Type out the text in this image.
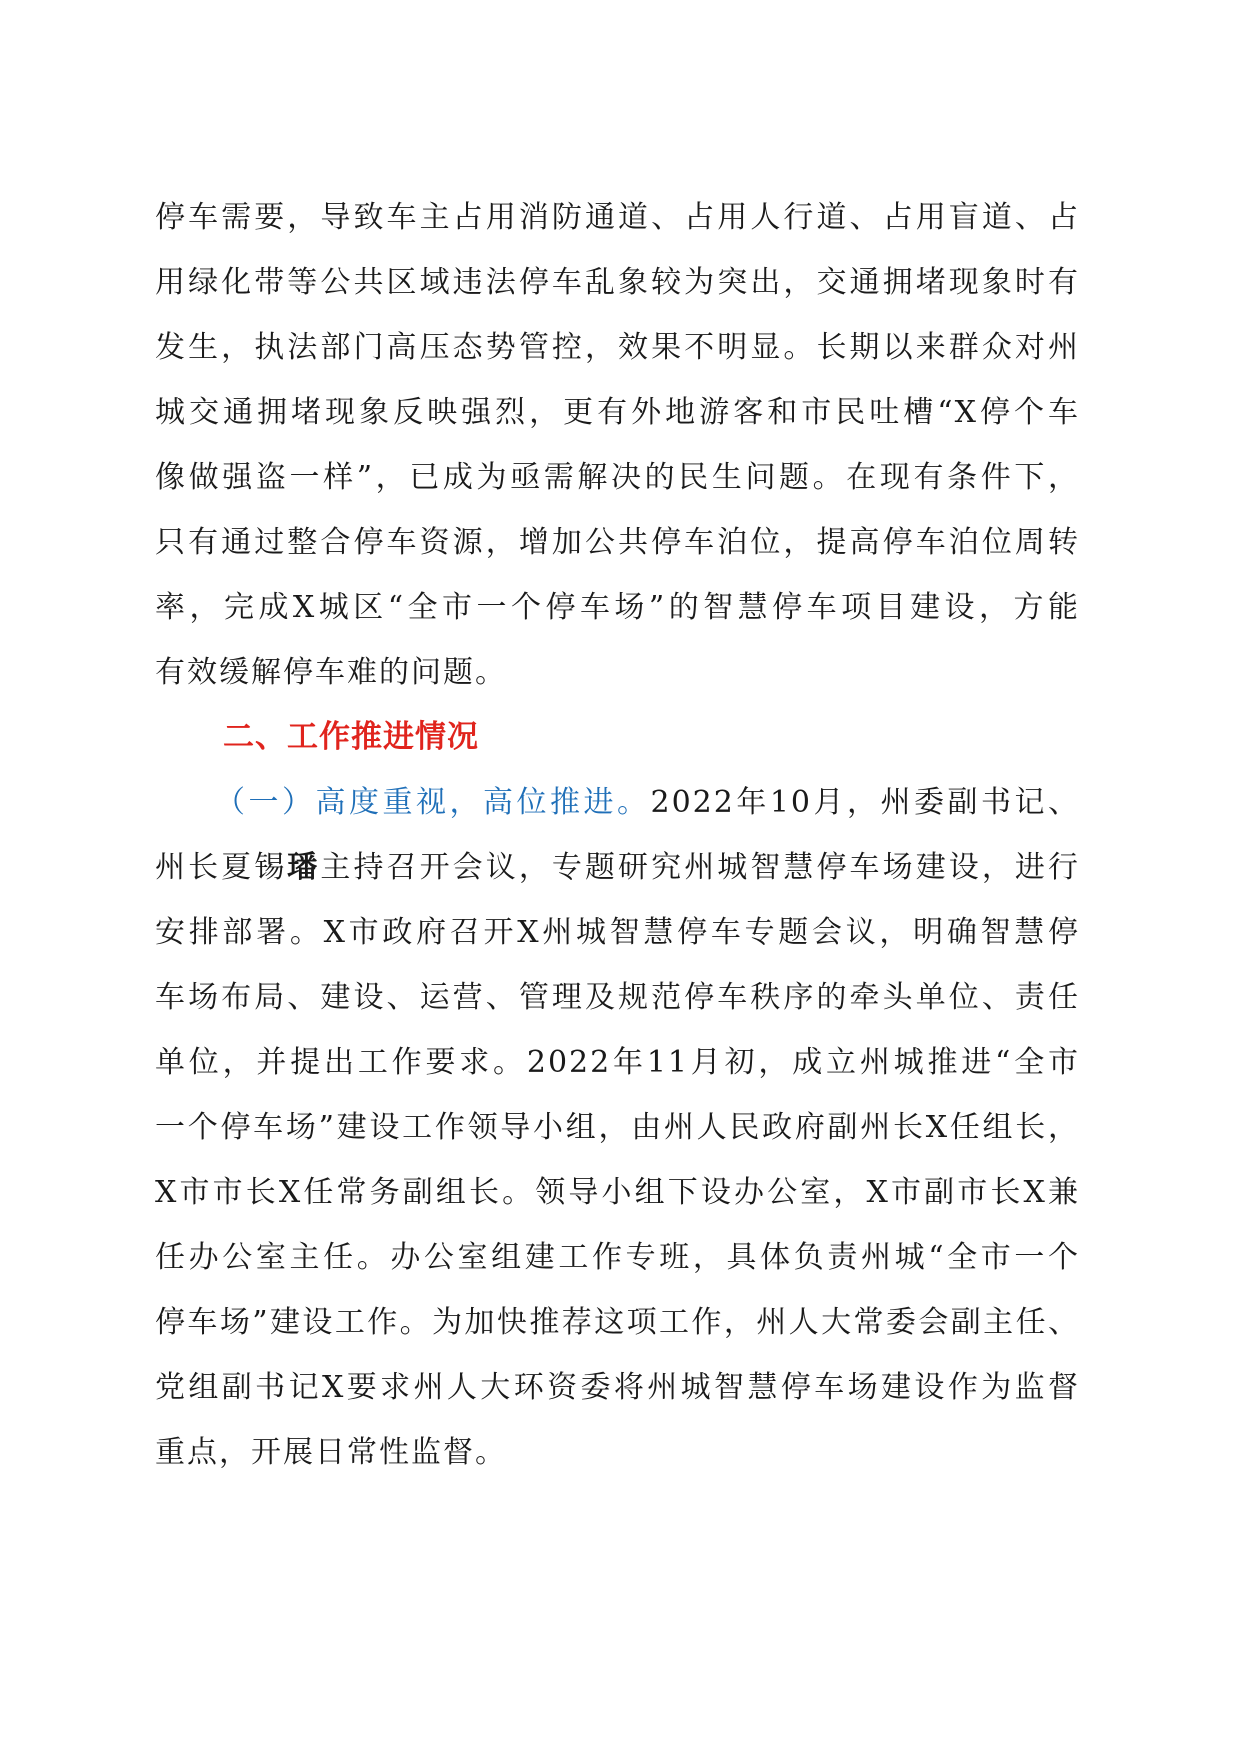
停车需要，导致车主占用消防通道、占用人行道、占用盲道、占
用绿化带等公共区域违法停车乱象较为突出，交通拥堵现象时有
发生，执法部门高压态势管控，效果不明显。长期以来群众对州
城交通拥堵现象反映强烈，更有外地游客和市民吐槽“X停个车
像做强盗一样”，已成为亟需解决的民生问题。在现有条件下，
只有通过整合停车资源，增加公共停车泊位，提高停车泊位周转
率，完成X城区“全市一个停车场”的智慧停车项目建设，方能
有效缓解停车难的问题。
二、工作推进情况
（一）高度重视，高位推进。2022年10月，州委副书记、
州长夏锡璠主持召开会议，专题研究州城智慧停车场建设，进行
安排部署。X市政府召开X州城智慧停车专题会议，明确智慧停
车场布局、建设、运营、管理及规范停车秩序的牵头单位、责任
单位，并提出工作要求。2022年11月初，成立州城推进“全市
一个停车场”建设工作领导小组，由州人民政府副州长X任组长，
X市市长X任常务副组长。领导小组下设办公室，X市副市长X兼
任办公室主任。办公室组建工作专班，具体负责州城“全市一个
停车场”建设工作。为加快推荐这项工作，州人大常委会副主任、
党组副书记X要求州人大环资委将州城智慧停车场建设作为监督
重点，开展日常性监督。
